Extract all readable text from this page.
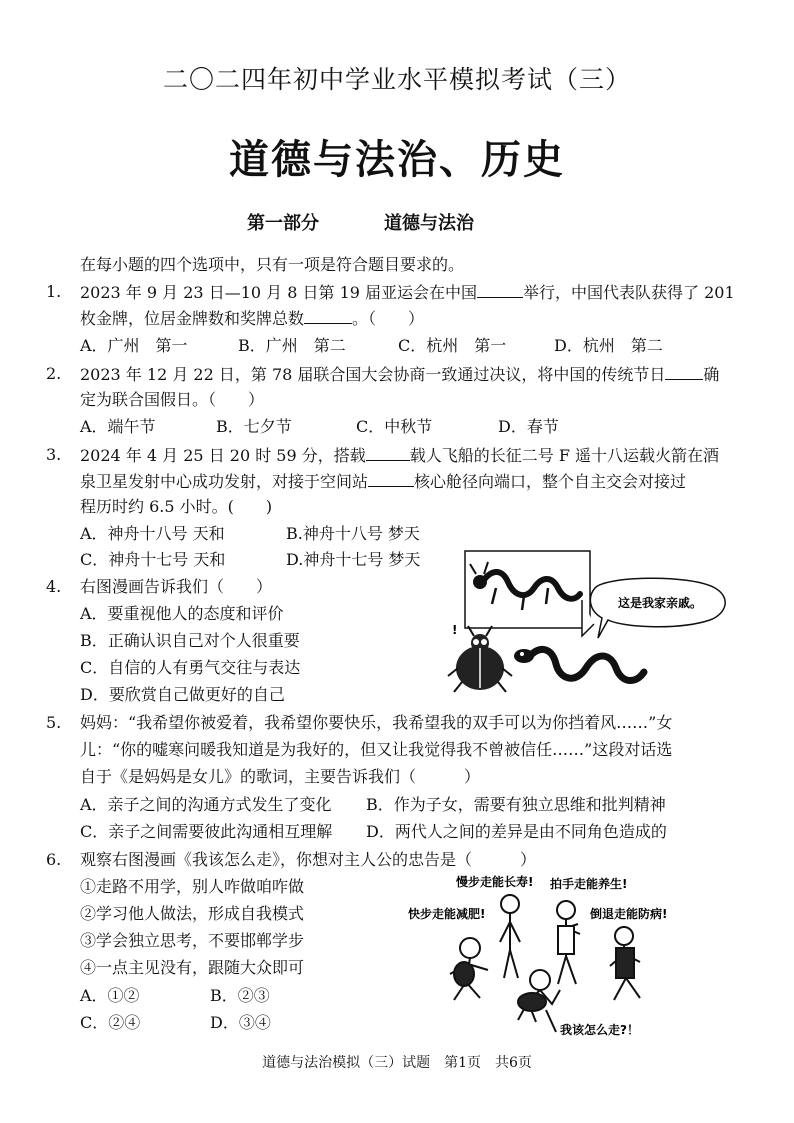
二〇二四年初中学业水平模拟考试（三）
道德与法治、历史
第一部分	道德与法治
在每小题的四个选项中，只有一项是符合题目要求的。
1. 2023 年 9 月 23 日—10 月 8 日第 19 届亚运会在中国	举行，中国代表队获得了 201
枚金牌，位居金牌数和奖牌总数	。（　　）
A．广州　第一	B．广州　第二	C．杭州　第一	D．杭州　第二
2. 2023 年 12 月 22 日，第 78 届联合国大会协商一致通过决议，将中国的传统节日 确
定为联合国假日。（　　）
A．端午节	B．七夕节	C．中秋节	D．春节
3. 2024 年 4 月 25 日 20 时 59 分，搭载	载人飞船的长征二号 F 遥十八运载火箭在酒
泉卫星发射中心成功发射，对接于空间站	核心舱径向端口，整个自主交会对接过
程历时约 6.5 小时。(　　)
A．神舟十八号 天和	B.神舟十八号 梦天
C．神舟十七号 天和	D.神舟十七号 梦天
4. 右图漫画告诉我们（　　）
A．要重视他人的态度和评价
B．正确认识自己对个人很重要
C．自信的人有勇气交往与表达
D．要欣赏自己做更好的自己
这是我家亲戚。
!
5. 妈妈：“我希望你被爱着，我希望你要快乐，我希望我的双手可以为你挡着风……”女
儿：“你的嘘寒问暖我知道是为我好的，但又让我觉得我不曾被信任……”这段对话选
自于《是妈妈是女儿》的歌词，主要告诉我们（　　　）
A．亲子之间的沟通方式发生了变化 B．作为子女，需要有独立思维和批判精神
C．亲子之间需要彼此沟通相互理解 D．两代人之间的差异是由不同角色造成的
6. 观察右图漫画《我该怎么走》，你想对主人公的忠告是（　　　）
①走路不用学，别人咋做咱咋做
②学习他人做法，形成自我模式
③学会独立思考，不要邯郸学步
④一点主见没有，跟随大众即可
A．①②	B．②③
C．②④	D．③④
慢步走能长寿! 拍手走能养生!
快步走能减肥!	倒退走能防病!
我该怎么走?！
道德与法治模拟（三）试题　第1页　共6页
